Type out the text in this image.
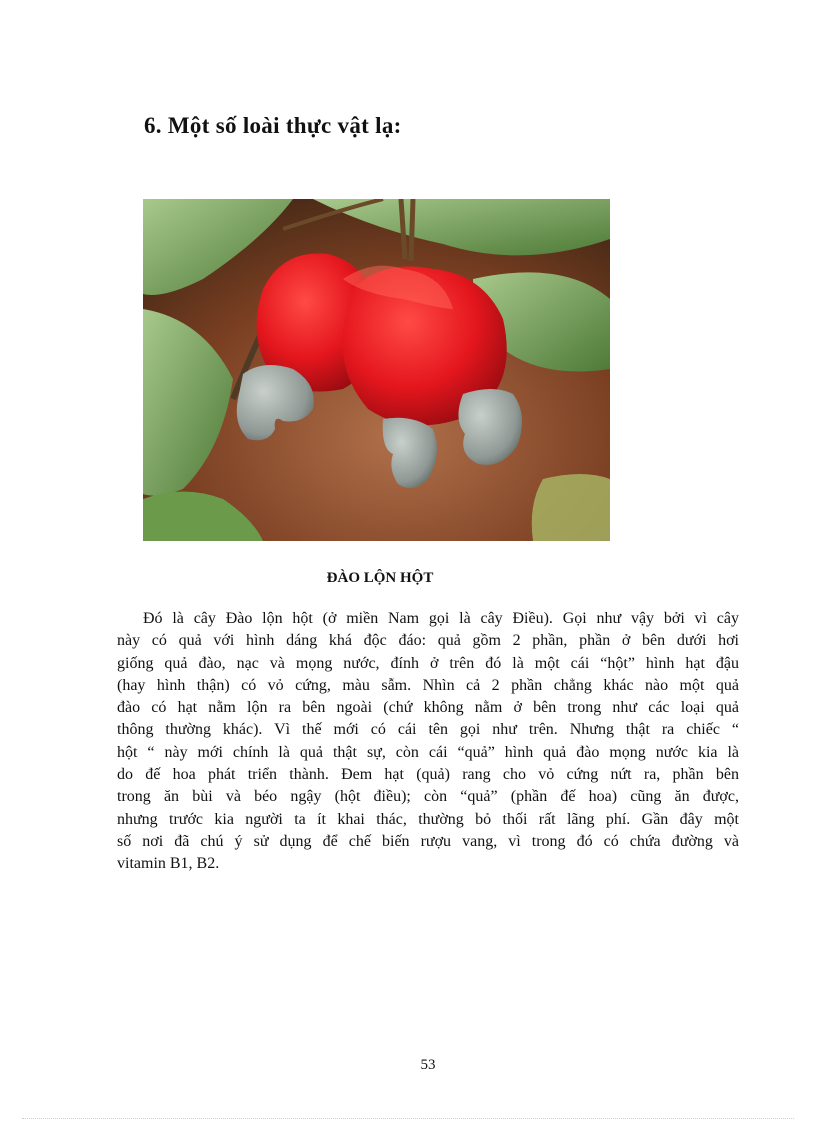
6. Một số loài thực vật lạ:
ĐÀO LỘN HỘT

Đó là cây Đào lộn hột (ở miền Nam gọi là cây Điều). Gọi như vậy bởi vì cây
này có quả với hình dáng khá độc đáo: quả gồm 2 phần, phần ở bên dưới hơi
giống quả đào, nạc và mọng nước, đính ở trên đó là một cái “hột” hình hạt đậu
(hay hình thận) có vỏ cứng, màu sẫm. Nhìn cả 2 phần chẳng khác nào một quả
đào có hạt nằm lộn ra bên ngoài (chứ không nằm ở bên trong như các loại quả
thông thường khác). Vì thế mới có cái tên gọi như trên. Nhưng thật ra chiếc “
hột “ này mới chính là quả thật sự, còn cái “quả” hình quả đào mọng nước kia là
do đế hoa phát triển thành. Đem hạt (quả) rang cho vỏ cứng nứt ra, phần bên
trong ăn bùi và béo ngậy (hột điều); còn “quả” (phần đế hoa) cũng ăn được,
nhưng trước kia người ta ít khai thác, thường bỏ thối rất lãng phí. Gần đây một
số nơi đã chú ý sử dụng để chế biến rượu vang, vì trong đó có chứa đường và
vitamin B1, B2.

53
